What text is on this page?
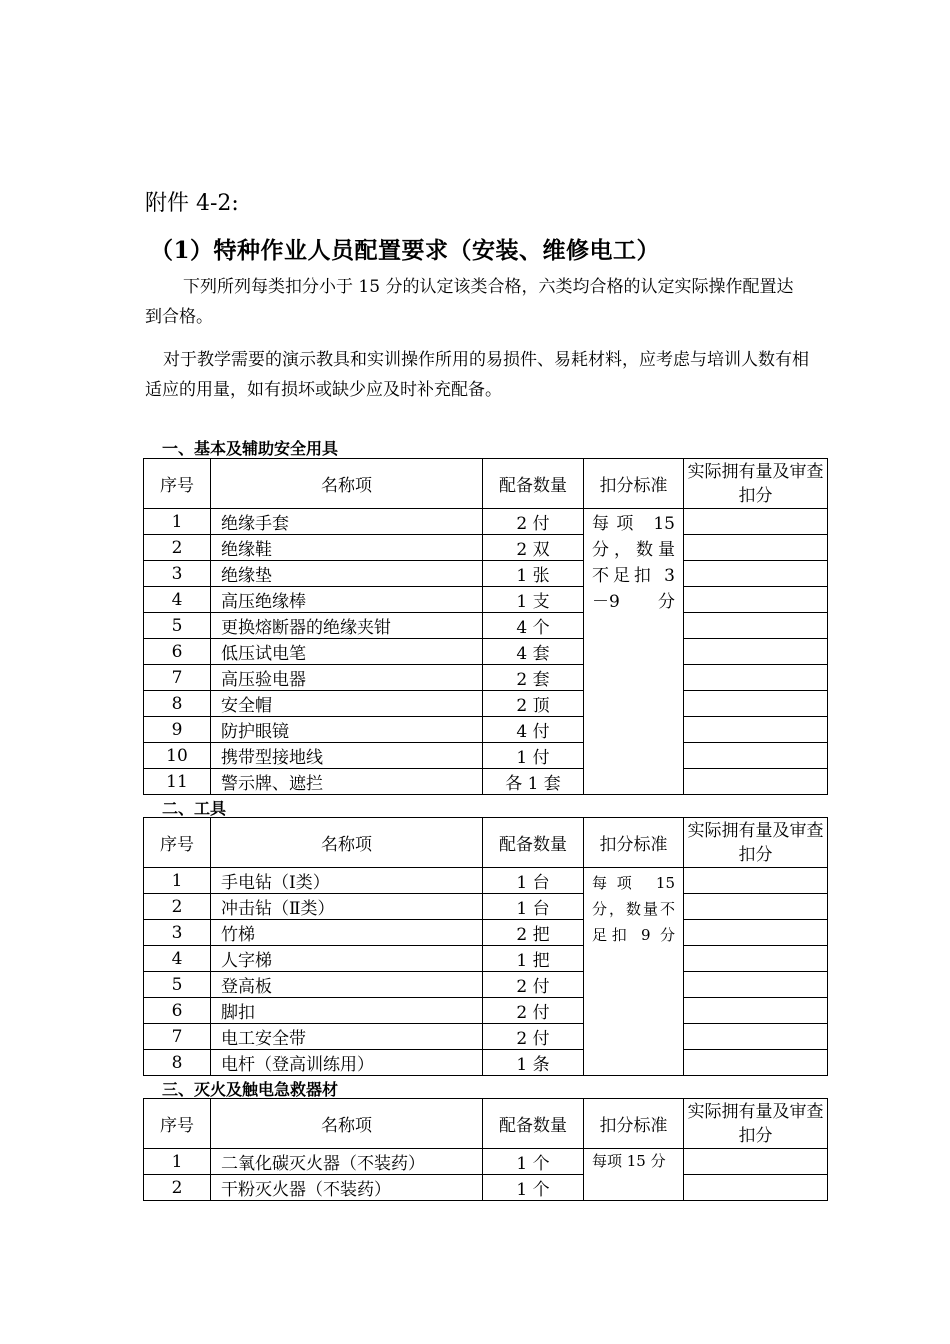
附件 4-2:
（1）特种作业人员配置要求（安装、维修电工）
下列所列每类扣分小于 15 分的认定该类合格，六类均合格的认定实际操作配置达到合格。
对于教学需要的演示教具和实训操作所用的易损件、易耗材料，应考虑与培训人数有相适应的用量，如有损坏或缺少应及时补充配备。
一、基本及辅助安全用具
序号	名称项	配备数量	扣分标准	实际拥有量及审查扣分
1	绝缘手套	2 付	每项 15 分，数量不足扣 3－9 分	

2	绝缘鞋	2 双		
3	绝缘垫	1 张		
4	高压绝缘棒	1 支		
5	更换熔断器的绝缘夹钳	4 个		
6	低压试电笔	4 套		
7	高压验电器	2 套		
8	安全帽	2 顶		
9	防护眼镜	4 付		
10	携带型接地线	1 付		
11	警示牌、遮拦	各 1 套		
二、工具
序号	名称项	配备数量	扣分标准	实际拥有量及审查扣分
1	手电钻（Ⅰ类）	1 台	每项 15 分，数量不足扣 9 分	

2	冲击钻（Ⅱ类）	1 台		
3	竹梯	2 把		
4	人字梯	1 把		
5	登高板	2 付		
6	脚扣	2 付		
7	电工安全带	2 付		
8	电杆（登高训练用）	1 条		
三、灭火及触电急救器材
序号	名称项	配备数量	扣分标准	实际拥有量及审查扣分
1	二氧化碳灭火器（不装药）	1 个	每项 15 分	

2	干粉灭火器（不装药）	1 个		
